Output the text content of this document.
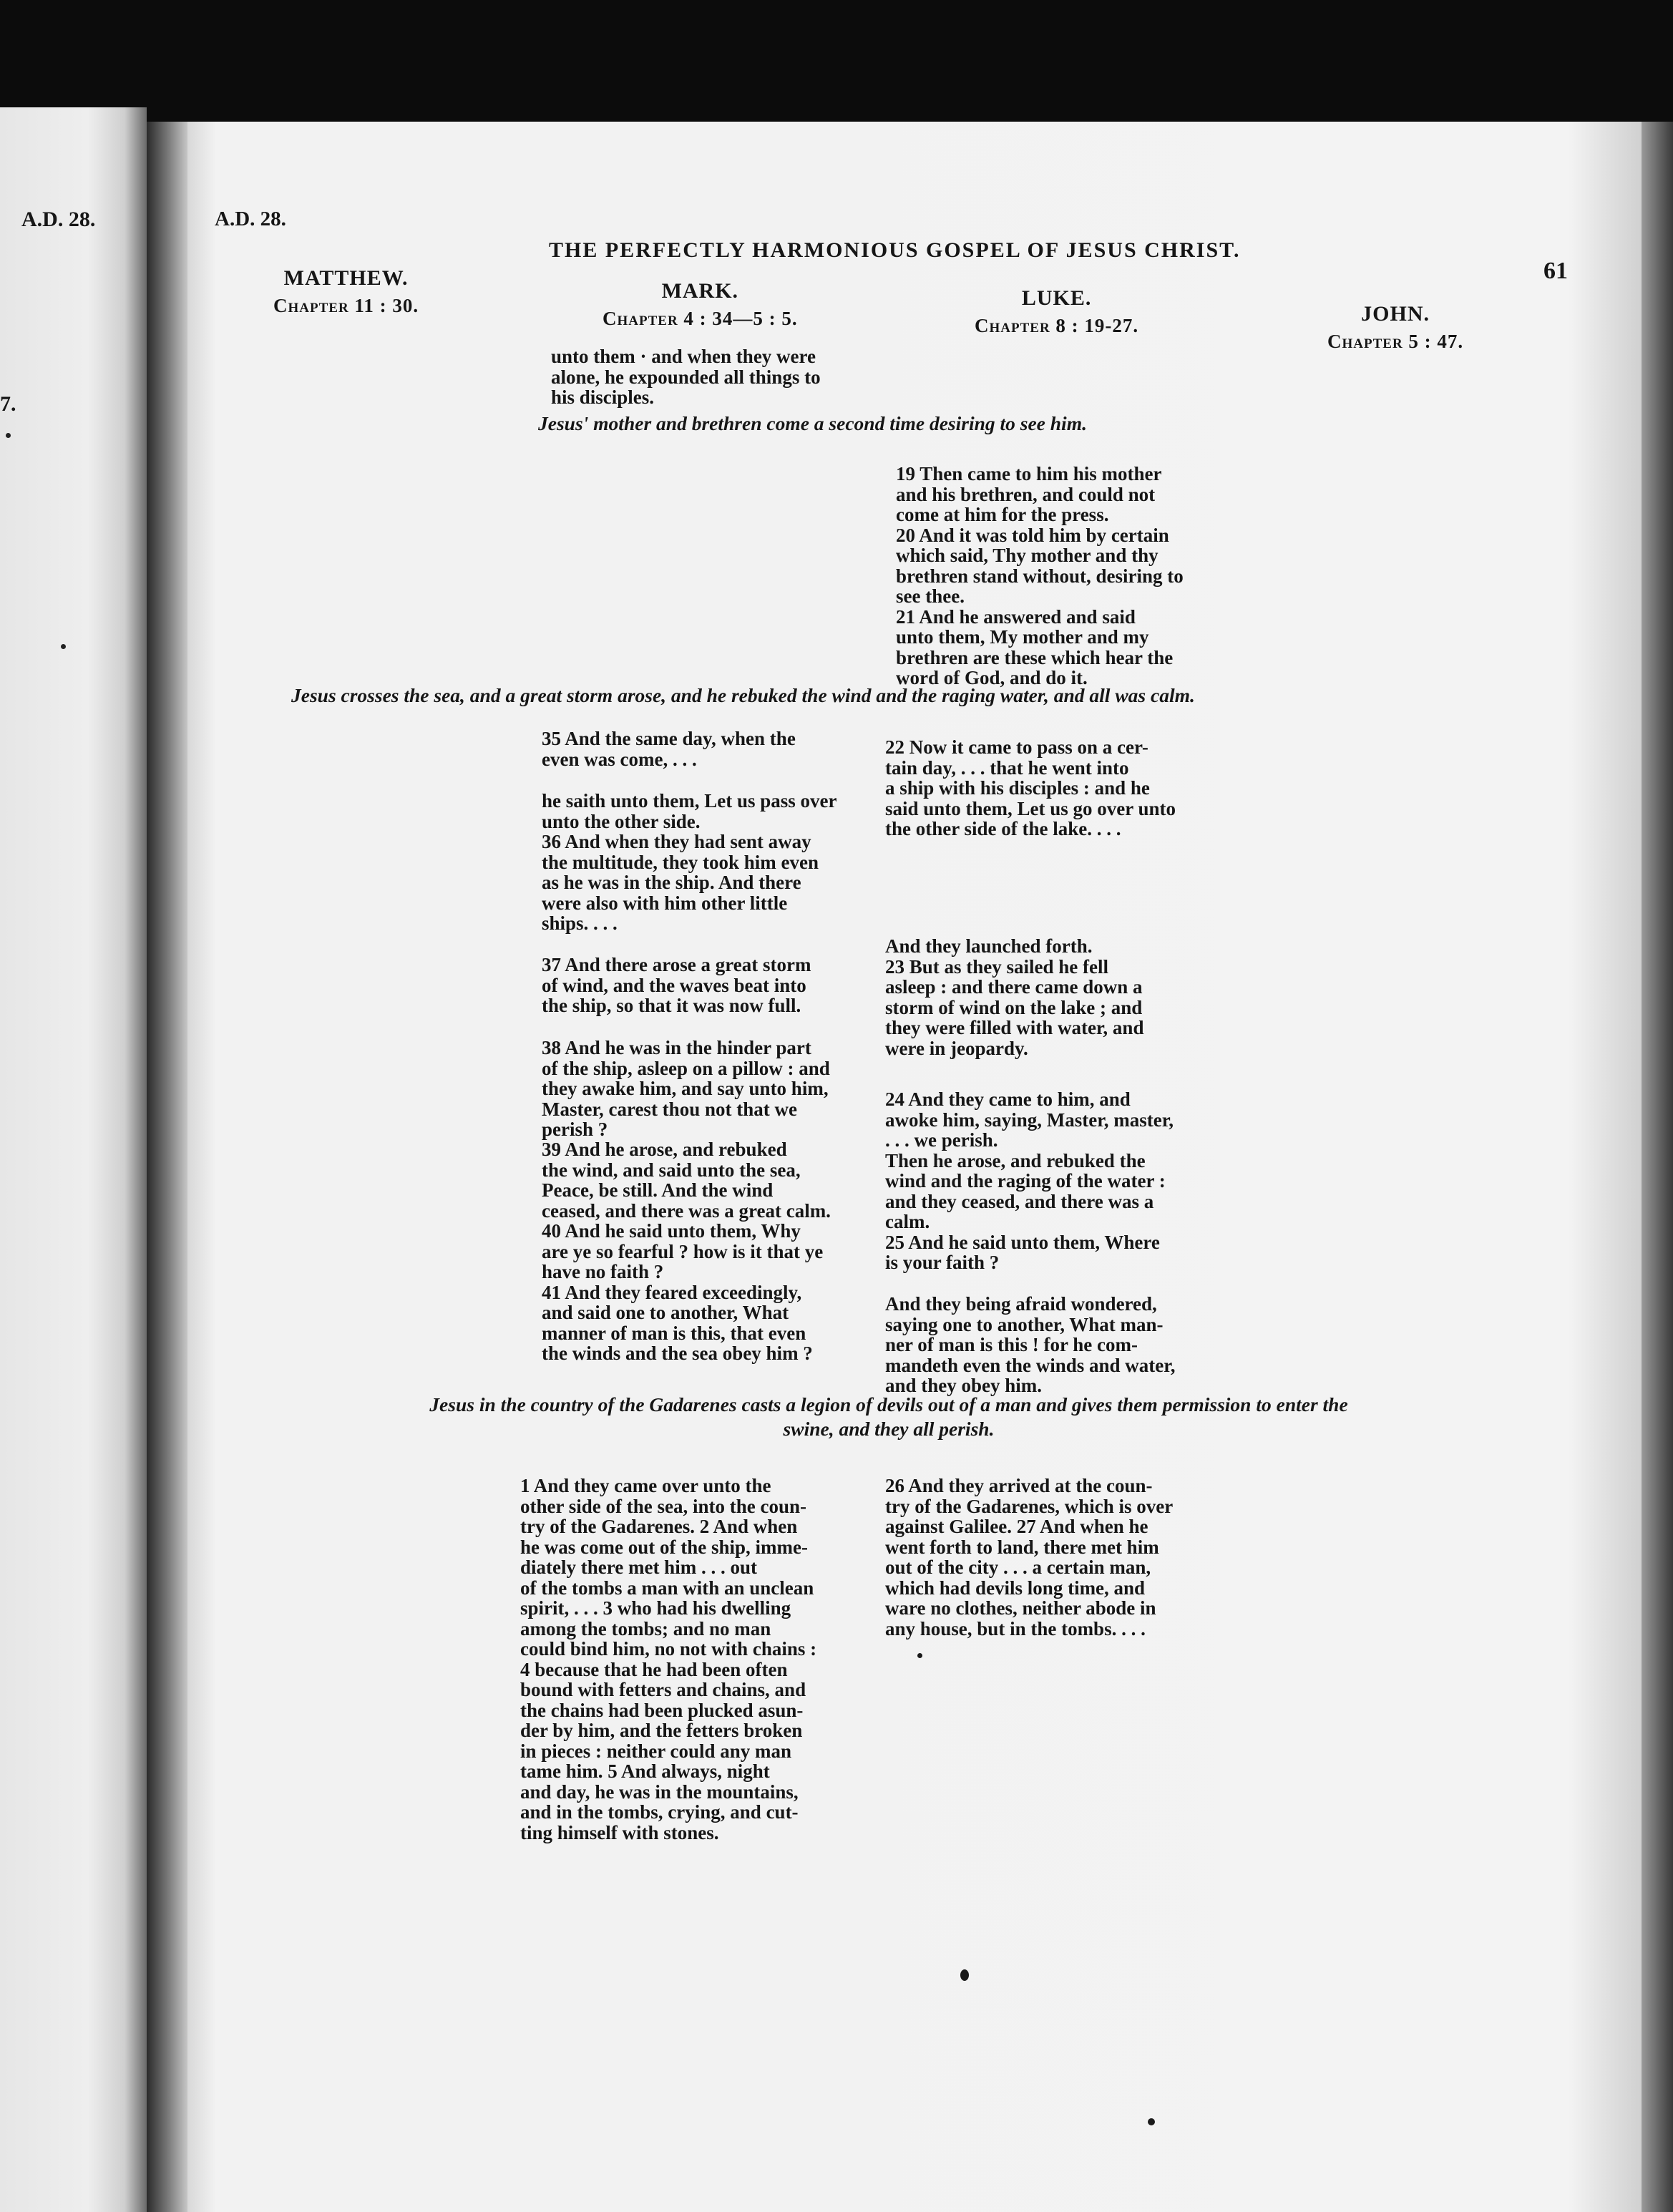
A.D. 28.
7.
A.D. 28.
THE PERFECTLY HARMONIOUS GOSPEL OF JESUS CHRIST.
61
MATTHEW.
Chapter 11 : 30.
MARK.
Chapter 4 : 34—5 : 5.
LUKE.
Chapter 8 : 19-27.	JOHN.
Chapter 5 : 47.

unto them · and when they were

alone, he expounded all things to

his disciples.

Jesus' mother and brethren come a second time desiring to see him.

19 Then came to him his mother

and his brethren, and could not

come at him for the press.

20 And it was told him by certain

which said, Thy mother and thy

brethren stand without, desiring to

see thee.

21 And he answered and said

unto them, My mother and my

brethren are these which hear the

word of God, and do it.

Jesus crosses the sea, and a great storm arose, and he rebuked the wind and the raging water, and all was calm.

35 And the same day, when the

even was come, . . .

he saith unto them, Let us pass over

unto the other side.

36 And when they had sent away

the multitude, they took him even

as he was in the ship. And there

were also with him other little

ships. . . .

37 And there arose a great storm

of wind, and the waves beat into

the ship, so that it was now full.

38 And he was in the hinder part

of the ship, asleep on a pillow : and

they awake him, and say unto him,

Master, carest thou not that we

perish ?

39 And he arose, and rebuked

the wind, and said unto the sea,

Peace, be still. And the wind

ceased, and there was a great calm.

40 And he said unto them, Why

are ye so fearful ? how is it that ye

have no faith ?

41 And they feared exceedingly,

and said one to another, What

manner of man is this, that even

the winds and the sea obey him ?

22 Now it came to pass on a cer-

tain day, . . . that he went into

a ship with his disciples : and he

said unto them, Let us go over unto

the other side of the lake. . . .

And they launched forth.

23 But as they sailed he fell

asleep : and there came down a

storm of wind on the lake ; and

they were filled with water, and

were in jeopardy.

24 And they came to him, and

awoke him, saying, Master, master,

. . . we perish.

Then he arose, and rebuked the

wind and the raging of the water :

and they ceased, and there was a

calm.

25 And he said unto them, Where

is your faith ?

And they being afraid wondered,

saying one to another, What man-

ner of man is this ! for he com-

mandeth even the winds and water,

and they obey him.

Jesus in the country of the Gadarenes casts a legion of devils out of a man and gives them permission to enter the
swine, and they all perish.

1 And they came over unto the

other side of the sea, into the coun-

try of the Gadarenes. 2 And when

he was come out of the ship, imme-

diately there met him . . . out

of the tombs a man with an unclean

spirit, . . . 3 who had his dwelling

among the tombs; and no man

could bind him, no not with chains :

4 because that he had been often

bound with fetters and chains, and

the chains had been plucked asun-

der by him, and the fetters broken

in pieces : neither could any man

tame him. 5 And always, night

and day, he was in the mountains,

and in the tombs, crying, and cut-

ting himself with stones.

26 And they arrived at the coun-

try of the Gadarenes, which is over

against Galilee. 27 And when he

went forth to land, there met him

out of the city . . . a certain man,

which had devils long time, and

ware no clothes, neither abode in

any house, but in the tombs. . . .
